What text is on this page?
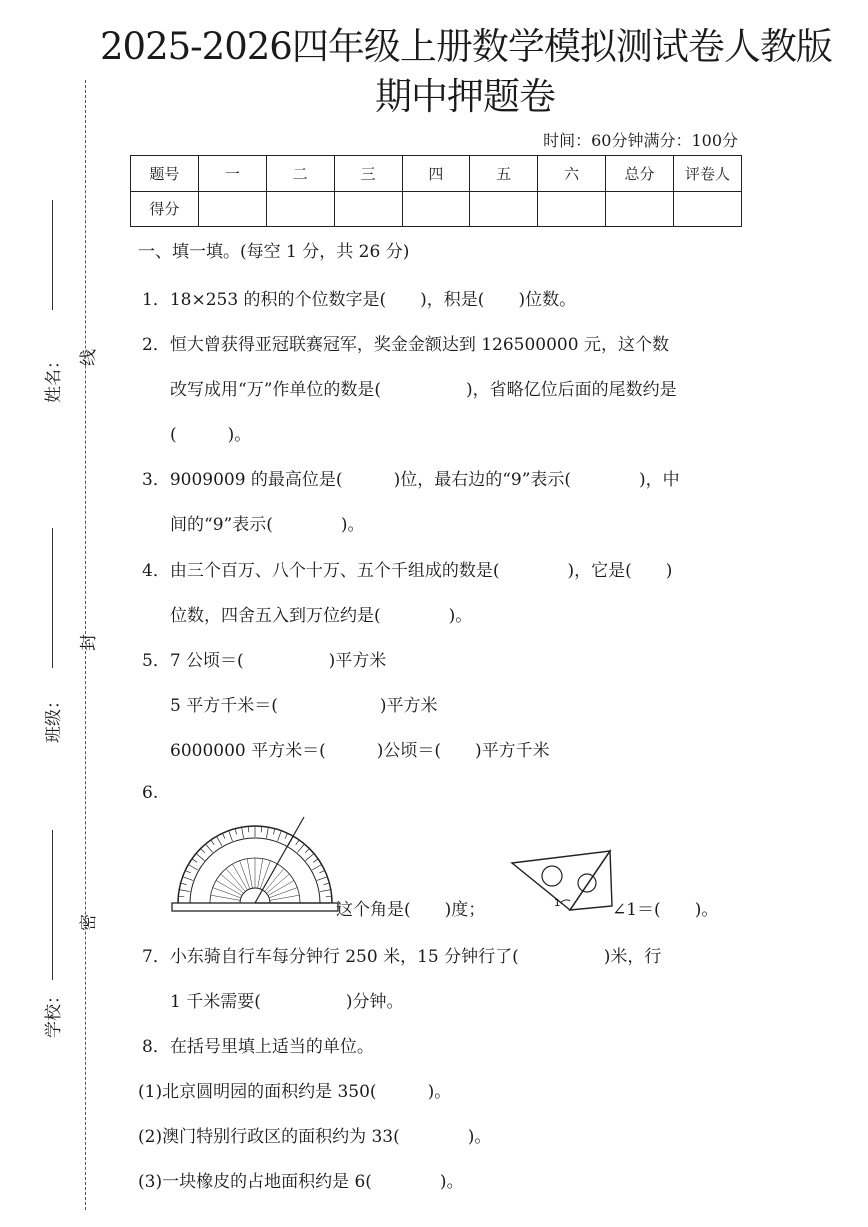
2025-2026四年级上册数学模拟测试卷人教版
期中押题卷
时间：60分钟满分：100分
题号	一	二	三	四	五	六	总分	评卷人
得分								
姓名：
班级：
学校：
线
封
密
一、填一填。(每空 1 分，共 26 分)
1．18×253 的积的个位数字是(　　)，积是(　　)位数。
2．恒大曾获得亚冠联赛冠军，奖金金额达到 126500000 元，这个数
改写成用“万”作单位的数是(　　　　　)，省略亿位后面的尾数约是
(　　　)。
3．9009009 的最高位是(　　　)位，最右边的“9”表示(　　　　)，中
间的“9”表示(　　　　)。
4．由三个百万、八个十万、五个千组成的数是(　　　　)，它是(　　)
位数，四舍五入到万位约是(　　　　)。
5．7 公顷＝(　　　　　)平方米
5 平方千米＝(　　　　　　)平方米
6000000 平方米＝(　　　)公顷＝(　　)平方千米
6.
这个角是(　　)度；	1	∠1＝(　　)。
7．小东骑自行车每分钟行 250 米，15 分钟行了(　　　　　)米，行
1 千米需要(　　　　　)分钟。
8．在括号里填上适当的单位。
(1)北京圆明园的面积约是 350(　　　)。
(2)澳门特别行政区的面积约为 33(　　　　)。
(3)一块橡皮的占地面积约是 6(　　　　)。
